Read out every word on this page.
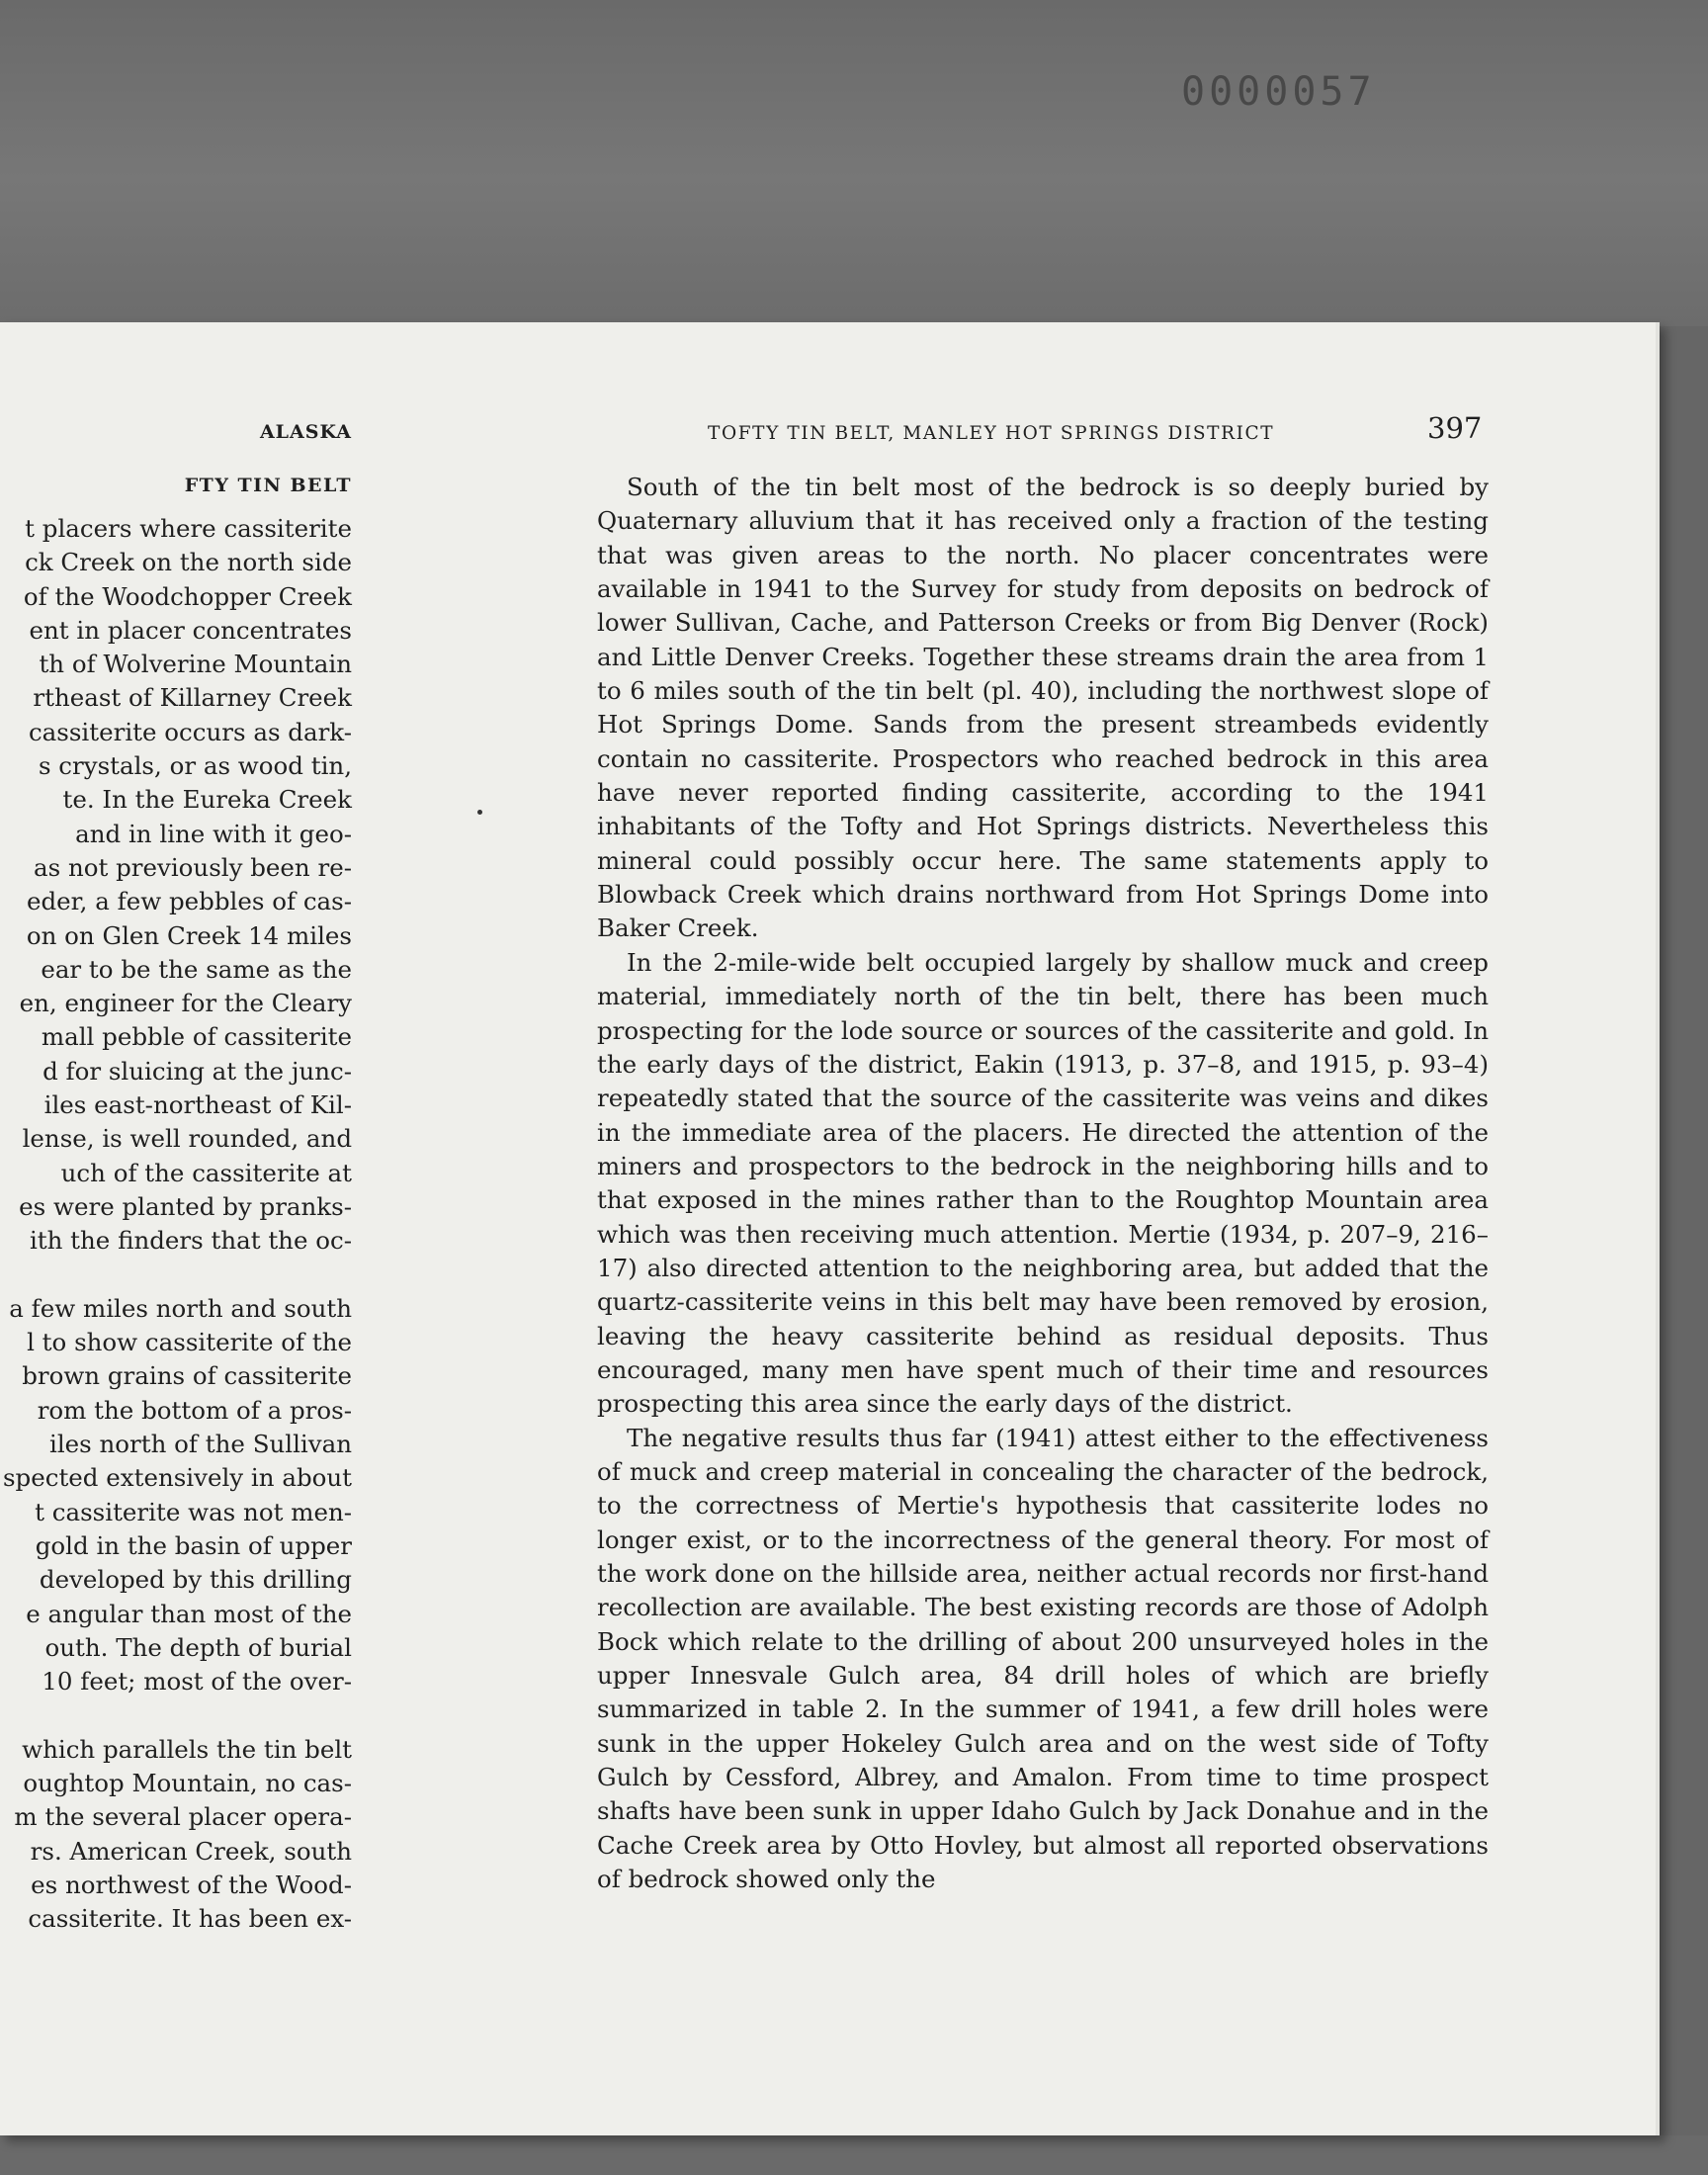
0000057
ALASKA
FTY TIN BELT
t placers where cassiterite
ck Creek on the north side
of the Woodchopper Creek
ent in placer concentrates
th of Wolverine Mountain
rtheast of Killarney Creek
cassiterite occurs as dark-
s crystals, or as wood tin,
te. In the Eureka Creek
and in line with it geo-
as not previously been re-
eder, a few pebbles of cas-
on on Glen Creek 14 miles
ear to be the same as the
en, engineer for the Cleary
mall pebble of cassiterite
d for sluicing at the junc-
iles east-northeast of Kil-
lense, is well rounded, and
uch of the cassiterite at
es were planted by pranks-
ith the finders that the oc-
a few miles north and south
l to show cassiterite of the
brown grains of cassiterite
rom the bottom of a pros-
iles north of the Sullivan
spected extensively in about
t cassiterite was not men-
gold in the basin of upper
developed by this drilling
e angular than most of the
outh. The depth of burial
10 feet; most of the over-
which parallels the tin belt
oughtop Mountain, no cas-
m the several placer opera-
rs. American Creek, south
es northwest of the Wood-
cassiterite. It has been ex-
TOFTY TIN BELT, MANLEY HOT SPRINGS DISTRICT	397

South of the tin belt most of the bedrock is so deeply buried by Quaternary alluvium that it has received only a fraction of the testing that was given areas to the north. No placer concentrates were available in 1941 to the Survey for study from deposits on bedrock of lower Sullivan, Cache, and Patterson Creeks or from Big Denver (Rock) and Little Denver Creeks. Together these streams drain the area from 1 to 6 miles south of the tin belt (pl. 40), including the northwest slope of Hot Springs Dome. Sands from the present streambeds evidently contain no cassiterite. Prospectors who reached bedrock in this area have never reported finding cassiterite, according to the 1941 inhabitants of the Tofty and Hot Springs districts. Nevertheless this mineral could possibly occur here. The same statements apply to Blowback Creek which drains northward from Hot Springs Dome into Baker Creek.

In the 2-mile-wide belt occupied largely by shallow muck and creep material, immediately north of the tin belt, there has been much prospecting for the lode source or sources of the cassiterite and gold. In the early days of the district, Eakin (1913, p. 37–8, and 1915, p. 93–4) repeatedly stated that the source of the cassiterite was veins and dikes in the immediate area of the placers. He directed the attention of the miners and prospectors to the bedrock in the neighboring hills and to that exposed in the mines rather than to the Roughtop Mountain area which was then receiving much attention. Mertie (1934, p. 207–9, 216–17) also directed attention to the neighboring area, but added that the quartz-cassiterite veins in this belt may have been removed by erosion, leaving the heavy cassiterite behind as residual deposits. Thus encouraged, many men have spent much of their time and resources prospecting this area since the early days of the district.

The negative results thus far (1941) attest either to the effectiveness of muck and creep material in concealing the character of the bedrock, to the correctness of Mertie's hypothesis that cassiterite lodes no longer exist, or to the incorrectness of the general theory. For most of the work done on the hillside area, neither actual records nor first-hand recollection are available. The best existing records are those of Adolph Bock which relate to the drilling of about 200 unsurveyed holes in the upper Innesvale Gulch area, 84 drill holes of which are briefly summarized in table 2. In the summer of 1941, a few drill holes were sunk in the upper Hokeley Gulch area and on the west side of Tofty Gulch by Cessford, Albrey, and Amalon. From time to time prospect shafts have been sunk in upper Idaho Gulch by Jack Donahue and in the Cache Creek area by Otto Hovley, but almost all reported observations of bedrock showed only the
